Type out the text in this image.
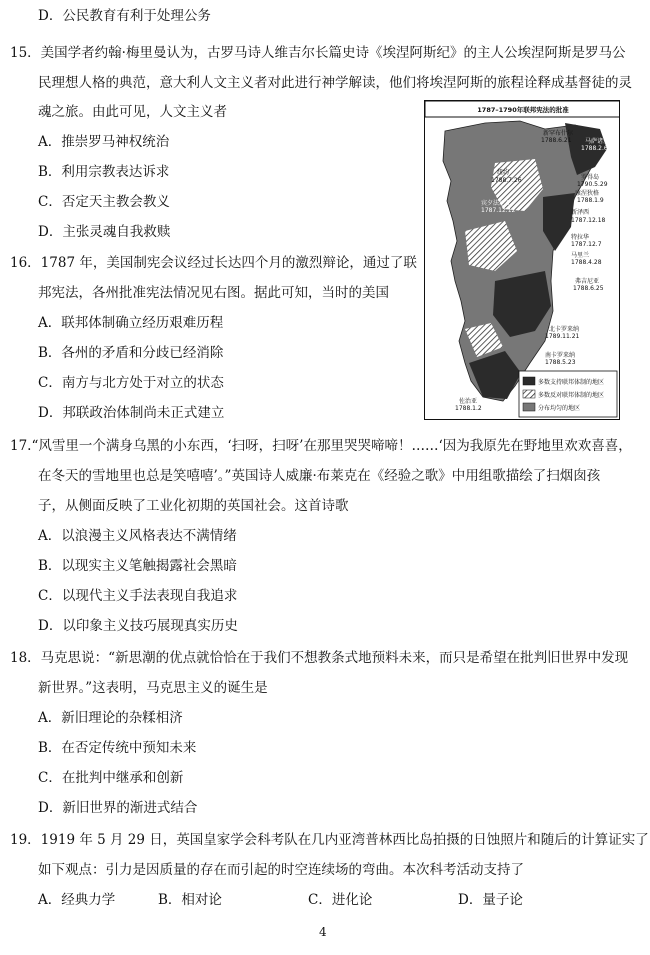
D．公民教育有利于处理公务
15．美国学者约翰·梅里曼认为，古罗马诗人维吉尔长篇史诗《埃涅阿斯纪》的主人公埃涅阿斯是罗马公
民理想人格的典范，意大利人文主义者对此进行神学解读，他们将埃涅阿斯的旅程诠释成基督徒的灵
魂之旅。由此可见，人文主义者
A．推崇罗马神权统治
B．利用宗教表达诉求
C．否定天主教会教义
D．主张灵魂自我救赎
16．1787 年，美国制宪会议经过长达四个月的激烈辩论，通过了联
邦宪法，各州批准宪法情况见右图。据此可知，当时的美国
A．联邦体制确立经历艰难历程
B．各州的矛盾和分歧已经消除
C．南方与北方处于对立的状态
D．邦联政治体制尚未正式建立
1787–1790年联邦宪法的批准
新罕布什尔
1788.6.21 马萨诸塞
1788.2.6
纽约
1788.7.26	罗得岛
1790.5.29
康涅狄格
1788.1.9
宾夕法尼亚
1787.12.12	新泽西
1787.12.18
特拉华
1787.12.7
马里兰
1788.4.28
弗吉尼亚
1788.6.25
北卡罗来纳
1789.11.21
南卡罗来纳
1788.5.23
佐治亚
1788.1.2
多数支持联邦体制的地区
多数反对联邦体制的地区
分布均匀的地区
17.“风雪里一个满身乌黑的小东西，‘扫呀，扫呀’在那里哭哭啼啼！……‘因为我原先在野地里欢欢喜喜，
在冬天的雪地里也总是笑嘻嘻’。”英国诗人威廉·布莱克在《经验之歌》中用组歌描绘了扫烟囱孩
子，从侧面反映了工业化初期的英国社会。这首诗歌
A．以浪漫主义风格表达不满情绪
B．以现实主义笔触揭露社会黑暗
C．以现代主义手法表现自我追求
D．以印象主义技巧展现真实历史
18．马克思说：“新思潮的优点就恰恰在于我们不想教条式地预料未来，而只是希望在批判旧世界中发现
新世界。”这表明，马克思主义的诞生是
A．新旧理论的杂糅相济
B．在否定传统中预知未来
C．在批判中继承和创新
D．新旧世界的渐进式结合
19．1919 年 5 月 29 日，英国皇家学会科考队在几内亚湾普林西比岛拍摄的日蚀照片和随后的计算证实了
如下观点：引力是因质量的存在而引起的时空连续场的弯曲。本次科考活动支持了
A．经典力学	B．相对论	C．进化论	D．量子论
4
